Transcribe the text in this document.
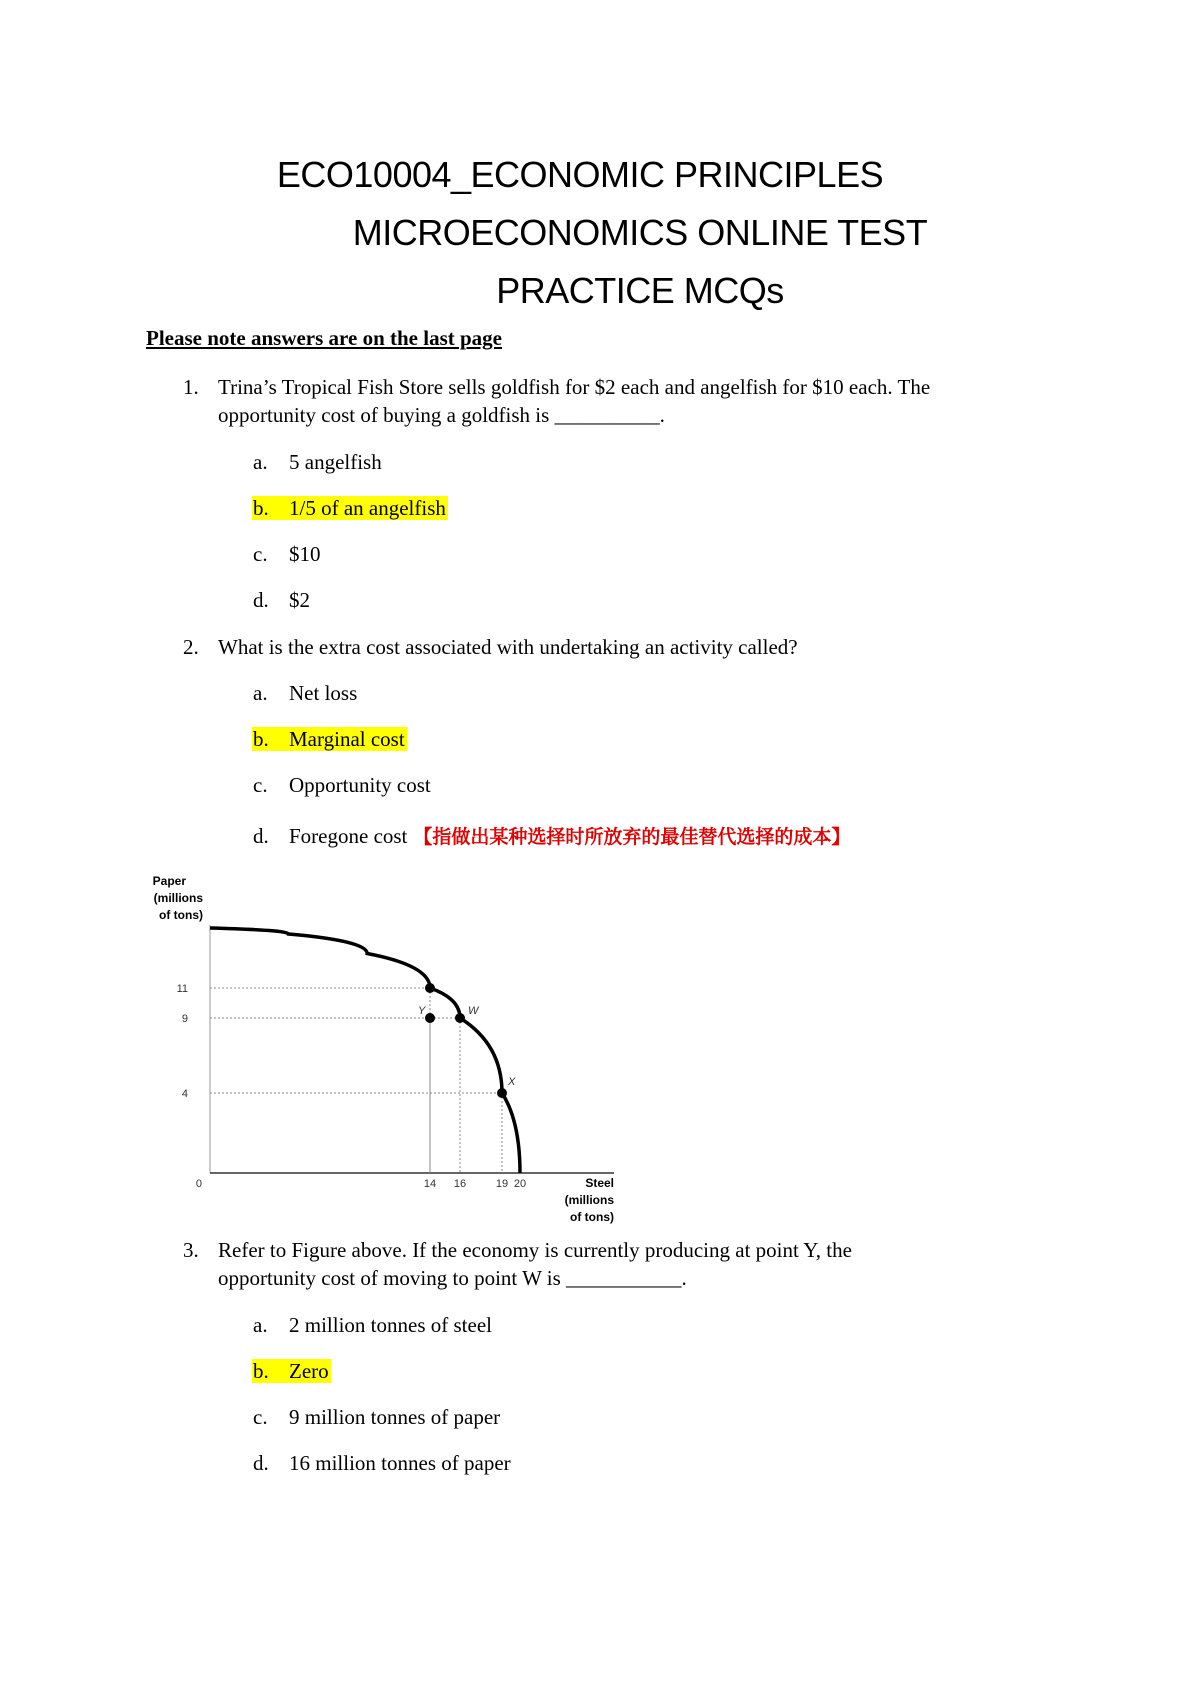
ECO10004_ECONOMIC PRINCIPLES
MICROECONOMICS ONLINE TEST
PRACTICE MCQs
Please note answers are on the last page
1. Trina’s Tropical Fish Store sells goldfish for $2 each and angelfish for $10 each. The
opportunity cost of buying a goldfish is __________.
a. 5 angelfish
b. 1/5 of an angelfish
c. $10
d. $2
2. What is the extra cost associated with undertaking an activity called?
a. Net loss
b. Marginal cost
c. Opportunity cost
d. Foregone cost 【指做出某种选择时所放弃的最佳替代选择的成本】
Paper
(millions
of tons)
0
Y	W
X
14 16	19 20
11
9
4
Steel
(millions
of tons)
3. Refer to Figure above. If the economy is currently producing at point Y, the
opportunity cost of moving to point W is ___________.
a. 2 million tonnes of steel
b. Zero
c. 9 million tonnes of paper
d. 16 million tonnes of paper
